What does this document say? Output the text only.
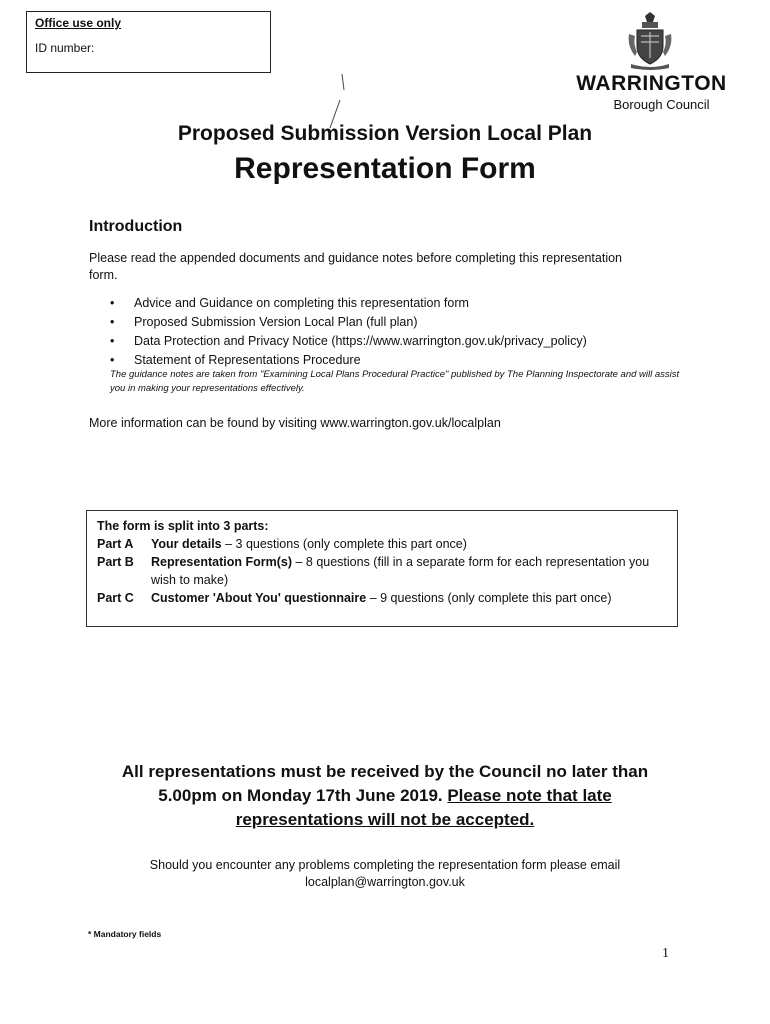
Office use only
ID number:
WARRINGTON
Borough Council
Proposed Submission Version Local Plan
Representation Form
Introduction
Please read the appended documents and guidance notes before completing this representation form.
• Advice and Guidance on completing this representation form
• Proposed Submission Version Local Plan (full plan)
• Data Protection and Privacy Notice (https://www.warrington.gov.uk/privacy_policy)
• Statement of Representations Procedure
The guidance notes are taken from "Examining Local Plans Procedural Practice" published by The Planning Inspectorate and will assist you in making your representations effectively.
More information can be found by visiting www.warrington.gov.uk/localplan
The form is split into 3 parts:
Part A	Your details – 3 questions (only complete this part once)
Part B	Representation Form(s) – 8 questions (fill in a separate form for each representation you wish to make)
Part C	Customer 'About You' questionnaire – 9 questions (only complete this part once)
All representations must be received by the Council no later than
5.00pm on Monday 17th June 2019. Please note that late
representations will not be accepted.
Should you encounter any problems completing the representation form please email
localplan@warrington.gov.uk
* Mandatory fields
1
